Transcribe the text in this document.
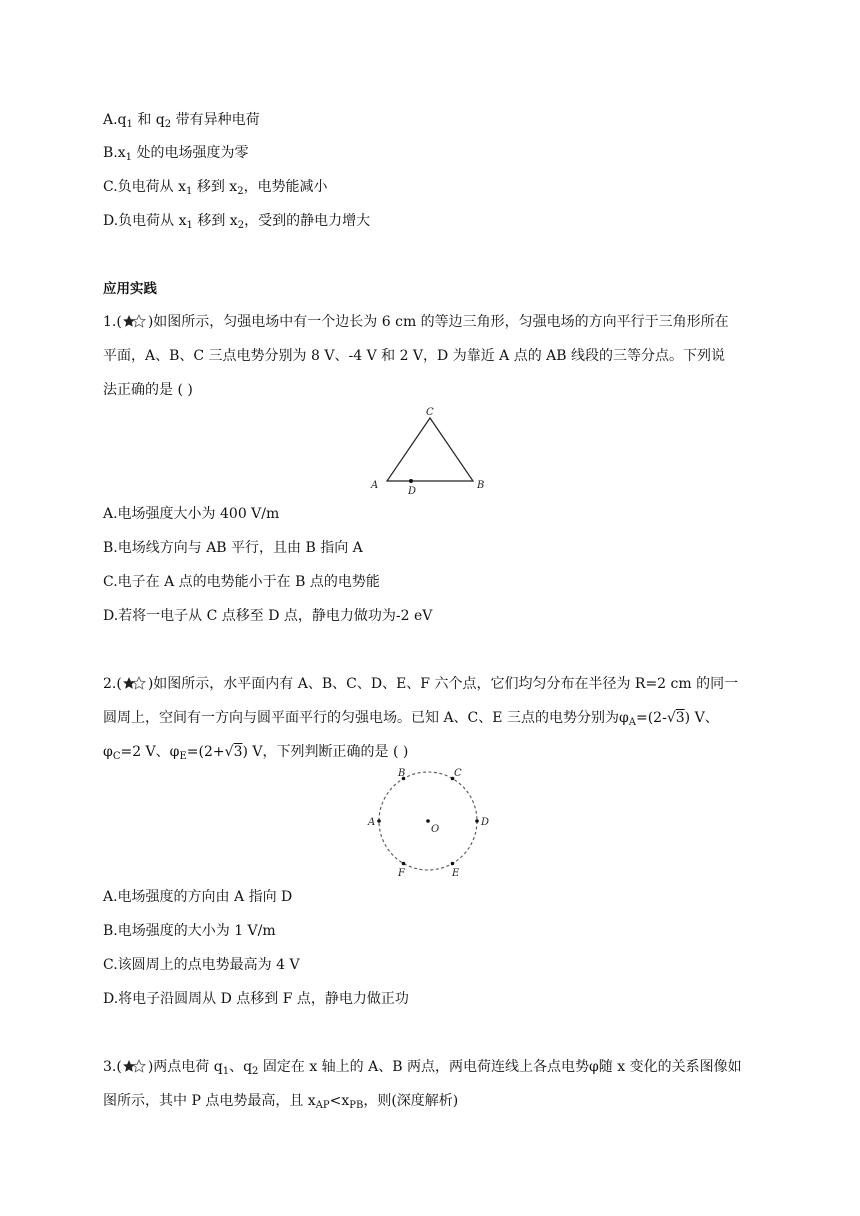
$A.q_1$ 和 $q_2$ 带有异种电荷
$B.x_1$ 处的电场强度为零
C.负电荷从 $x_1$ 移到 $x_2$，电势能减小
D.负电荷从 $x_1$ 移到 $x_2$，受到的静电力增大
应用实践
1.( )如图所示，匀强电场中有一个边长为 6 cm 的等边三角形，匀强电场的方向平行于三角形所在
平面，A、B、C 三点电势分别为 8 V、-4 V 和 2 V，D 为靠近 A 点的 AB 线段的三等分点。下列说
法正确的是 ( )
C
A	B
D
A.电场强度大小为 400 V/m
B.电场线方向与 AB 平行，且由 B 指向 A
C.电子在 A 点的电势能小于在 B 点的电势能
D.若将一电子从 C 点移至 D 点，静电力做功为-2 eV
2.( )如图所示，水平面内有 A、B、C、D、E、F 六个点，它们均匀分布在半径为 R=2 cm 的同一
圆周上，空间有一方向与圆平面平行的匀强电场。已知 A、C、E 三点的电势分别为$\varphi_A=(2-√3)$ V、
$\varphi_C=2$ V、$\varphi_E=(2+√3)$ V，下列判断正确的是 ( )
B	C
A	D
O
F	E
A.电场强度的方向由 A 指向 D
B.电场强度的大小为 1 V/m
C.该圆周上的点电势最高为 4 V
D.将电子沿圆周从 D 点移到 F 点，静电力做正功
3.( )两点电荷 $q_1$、$q_2$ 固定在 x 轴上的 A、B 两点，两电荷连线上各点电势φ随 x 变化的关系图像如
图所示，其中 P 点电势最高，且 $x_{AP}<x_{PB}$，则(深度解析)
